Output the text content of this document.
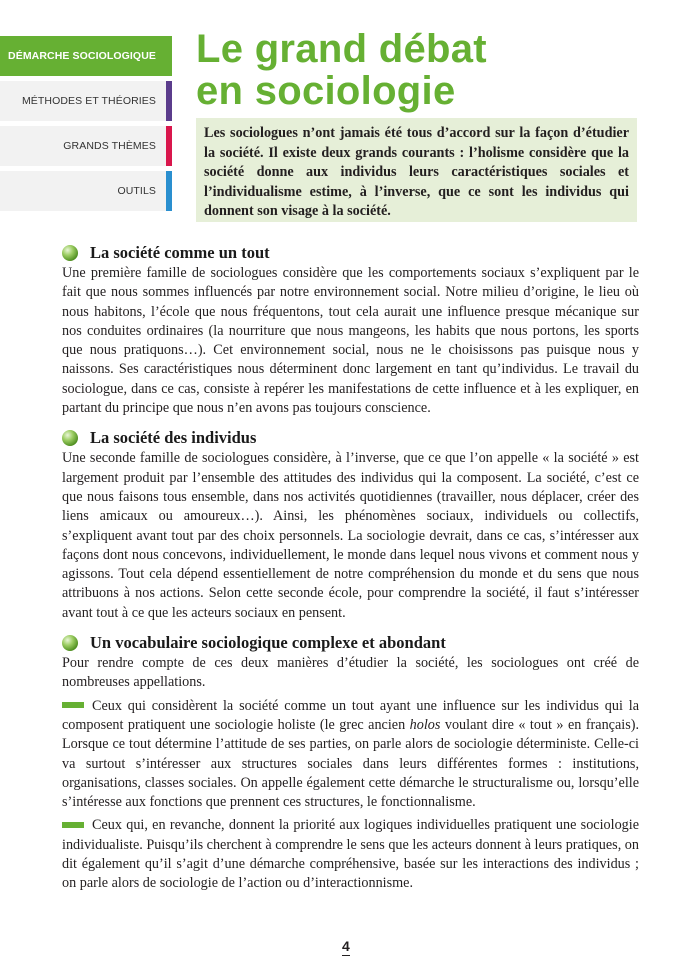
DÉMARCHE SOCIOLOGIQUE
MÉTHODES ET THÉORIES
GRANDS THÈMES
OUTILS
Le grand débat
en sociologie
Les sociologues n’ont jamais été tous d’accord sur la façon d’étudier la société. Il existe deux grands courants : l’holisme considère que la société donne aux individus leurs caractéristiques sociales et l’individualisme estime, à l’inverse, que ce sont les individus qui donnent son visage à la société.
La société comme un tout

Une première famille de sociologues considère que les comportements sociaux s’expliquent par le fait que nous sommes influencés par notre environnement social. Notre milieu d’origine, le lieu où nous habitons, l’école que nous fréquentons, tout cela aurait une influence presque mécanique sur nos conduites ordinaires (la nourriture que nous mangeons, les habits que nous portons, les sports que nous pratiquons…). Cet environnement social, nous ne le choisissons pas puisque nous y naissons. Ses caractéristiques nous déterminent donc largement en tant qu’individus. Le travail du sociologue, dans ce cas, consiste à repérer les manifestations de cette influence et à les expliquer, en partant du principe que nous n’en avons pas toujours conscience.

La société des individus

Une seconde famille de sociologues considère, à l’inverse, que ce que l’on appelle « la société » est largement produit par l’ensemble des attitudes des individus qui la composent. La société, c’est ce que nous faisons tous ensemble, dans nos activités quotidiennes (travailler, nous déplacer, créer des liens amicaux ou amoureux…). Ainsi, les phénomènes sociaux, individuels ou collectifs, s’expliquent avant tout par des choix personnels. La sociologie devrait, dans ce cas, s’intéresser aux façons dont nous concevons, individuellement, le monde dans lequel nous vivons et comment nous y agissons. Tout cela dépend essentiellement de notre compréhension du monde et du sens que nous attribuons à nos actions. Selon cette seconde école, pour comprendre la société, il faut s’intéresser avant tout à ce que les acteurs sociaux en pensent.

Un vocabulaire sociologique complexe et abondant

Pour rendre compte de ces deux manières d’étudier la société, les sociologues ont créé de nombreuses appellations.

Ceux qui considèrent la société comme un tout ayant une influence sur les individus qui la composent pratiquent une sociologie holiste (le grec ancien holos voulant dire « tout » en français). Lorsque ce tout détermine l’attitude de ses parties, on parle alors de sociologie déterministe. Celle-ci va surtout s’intéresser aux structures sociales dans leurs différentes formes : institutions, organisations, classes sociales. On appelle également cette démarche le structuralisme ou, lorsqu’elle s’intéresse aux fonctions que prennent ces structures, le fonctionnalisme.

Ceux qui, en revanche, donnent la priorité aux logiques individuelles pratiquent une sociologie individualiste. Puisqu’ils cherchent à comprendre le sens que les acteurs donnent à leurs pratiques, on dit également qu’il s’agit d’une démarche compréhensive, basée sur les interactions des individus ; on parle alors de sociologie de l’action ou d’interactionnisme.

4
